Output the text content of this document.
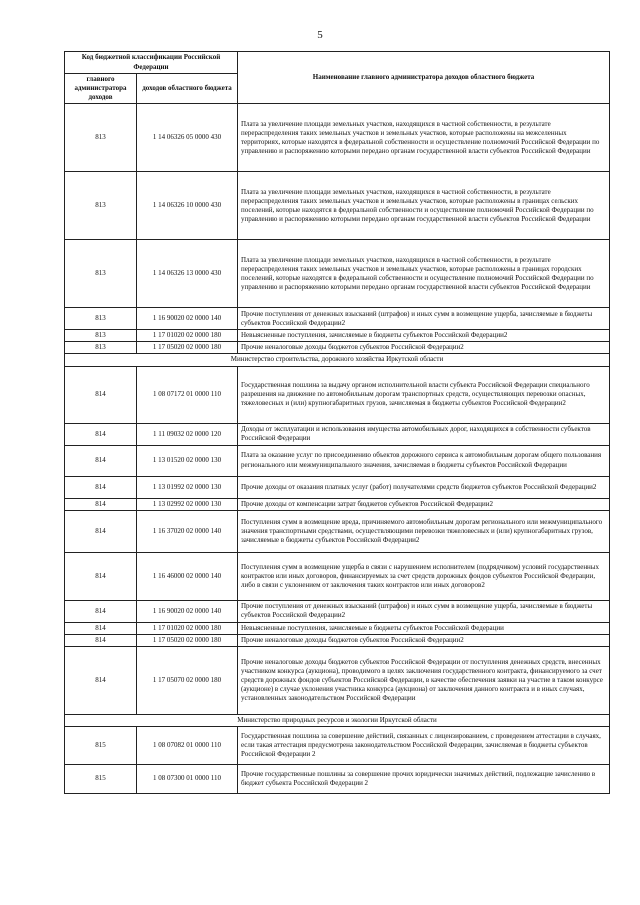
5
Код бюджетной классификации Российской Федерации		Наименование главного администратора доходов областного бюджета
главного администратора доходов	доходов областного бюджета	
813	1 14 06326 05 0000 430	Плата за увеличение площади земельных участков, находящихся в частной собственности, в результате перераспределения таких земельных участков и земельных участков, которые расположены на межселенных территориях, которые находятся в федеральной собственности и осуществление полномочий Российской Федерации по управлению и распоряжению которыми передано органам государственной власти субъектов Российской Федерации
813	1 14 06326 10 0000 430	Плата за увеличение площади земельных участков, находящихся в частной собственности, в результате перераспределения таких земельных участков и земельных участков, которые расположены в границах сельских поселений, которые находятся в федеральной собственности и осуществление полномочий Российской Федерации по управлению и распоряжению которыми передано органам государственной власти субъектов Российской Федерации
813	1 14 06326 13 0000 430	Плата за увеличение площади земельных участков, находящихся в частной собственности, в результате перераспределения таких земельных участков и земельных участков, которые расположены в границах городских поселений, которые находятся в федеральной собственности и осуществление полномочий Российской Федерации по управлению и распоряжению которыми передано органам государственной власти субъектов Российской Федерации
813	1 16 90020 02 0000 140	Прочие поступления от денежных взысканий (штрафов) и иных сумм в возмещение ущерба, зачисляемые в бюджеты субъектов Российской Федерации2
813	1 17 01020 02 0000 180	Невыясненные поступления, зачисляемые в бюджеты субъектов Российской Федерации2
813	1 17 05020 02 0000 180	Прочие неналоговые доходы бюджетов субъектов Российской Федерации2
Министерство строительства, дорожного хозяйства Иркутской области		
814	1 08 07172 01 0000 110	Государственная пошлина за выдачу органом исполнительной власти субъекта Российской Федерации специального разрешения на движение по автомобильным дорогам транспортных средств, осуществляющих перевозки опасных, тяжеловесных и (или) крупногабаритных грузов, зачисляемая в бюджеты субъектов Российской Федерации2
814	1 11 09032 02 0000 120	Доходы от эксплуатации и использования имущества автомобильных дорог, находящихся в собственности субъектов Российской Федерации
814	1 13 01520 02 0000 130	Плата за оказание услуг по присоединению объектов дорожного сервиса к автомобильным дорогам общего пользования регионального или межмуниципального значения, зачисляемая в бюджеты субъектов Российской Федерации
814	1 13 01992 02 0000 130	Прочие доходы от оказания платных услуг (работ) получателями средств бюджетов субъектов Российской Федерации2
814	1 13 02992 02 0000 130	Прочие доходы от компенсации затрат бюджетов субъектов Российской Федерации2
814	1 16 37020 02 0000 140	Поступления сумм в возмещение вреда, причиняемого автомобильным дорогам регионального или межмуниципального значения транспортными средствами, осуществляющими перевозки тяжеловесных и (или) крупногабаритных грузов, зачисляемые в бюджеты субъектов Российской Федерации2
814	1 16 46000 02 0000 140	Поступления сумм в возмещение ущерба в связи с нарушением исполнителем (подрядчиком) условий государственных контрактов или иных договоров, финансируемых за счет средств дорожных фондов субъектов Российской Федерации, либо в связи с уклонением от заключения таких контрактов или иных договоров2
814	1 16 90020 02 0000 140	Прочие поступления от денежных взысканий (штрафов) и иных сумм в возмещение ущерба, зачисляемые в бюджеты субъектов Российской Федерации2
814	1 17 01020 02 0000 180	Невыясненные поступления, зачисляемые в бюджеты субъектов Российской Федерации
814	1 17 05020 02 0000 180	Прочие неналоговые доходы бюджетов субъектов Российской Федерации2
814	1 17 05070 02 0000 180	Прочие неналоговые доходы бюджетов субъектов Российской Федерации от поступления денежных средств, внесенных участником конкурса (аукциона), проводимого в целях заключения государственного контракта, финансируемого за счет средств дорожных фондов субъектов Российской Федерации, в качестве обеспечения заявки на участие в таком конкурсе (аукционе) в случае уклонения участника конкурса (аукциона) от заключения данного контракта и в иных случаях, установленных законодательством Российской Федерации
Министерство природных ресурсов и экологии Иркутской области		
815	1 08 07082 01 0000 110	Государственная пошлина за совершение действий, связанных с лицензированием, с проведением аттестации в случаях, если такая аттестация предусмотрена законодательством Российской Федерации, зачисляемая в бюджеты субъектов Российской Федерации 2
815	1 08 07300 01 0000 110	Прочие государственные пошлины за совершение прочих юридически значимых действий, подлежащие зачислению в бюджет субъекта Российской Федерации 2
